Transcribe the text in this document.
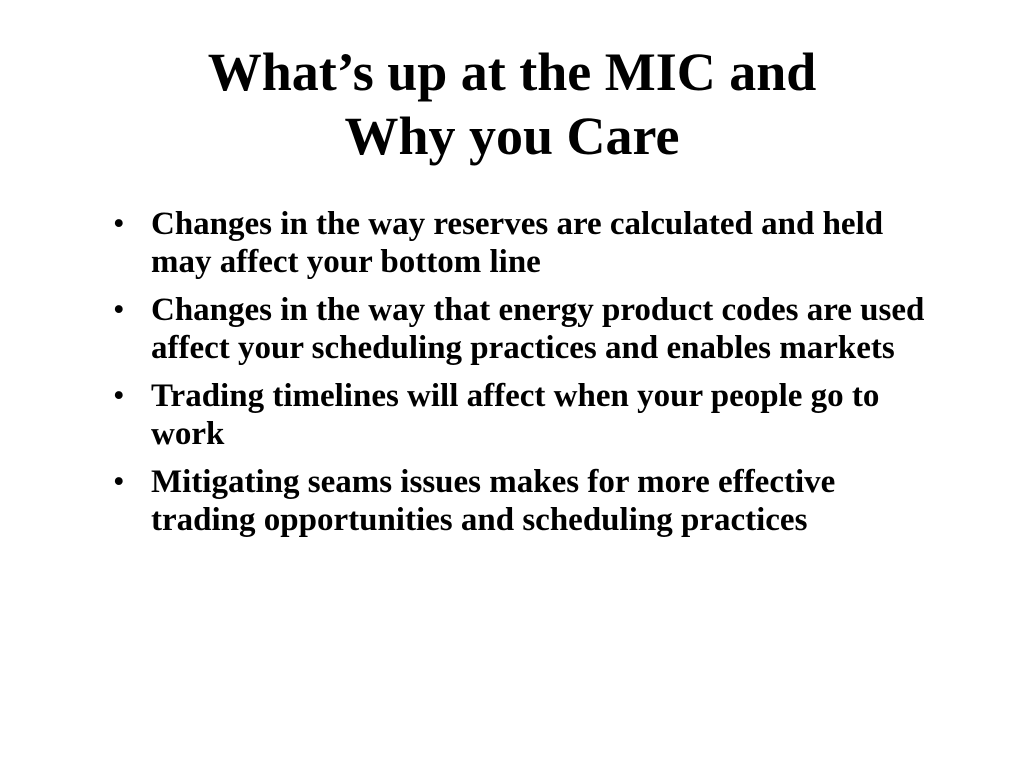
What’s up at the MIC and
Why you Care
• Changes in the way reserves are calculated and held may affect your bottom line
• Changes in the way that energy product codes are used affect your scheduling practices and enables markets
• Trading timelines will affect when your people go to work
• Mitigating seams issues makes for more effective trading opportunities and scheduling practices
